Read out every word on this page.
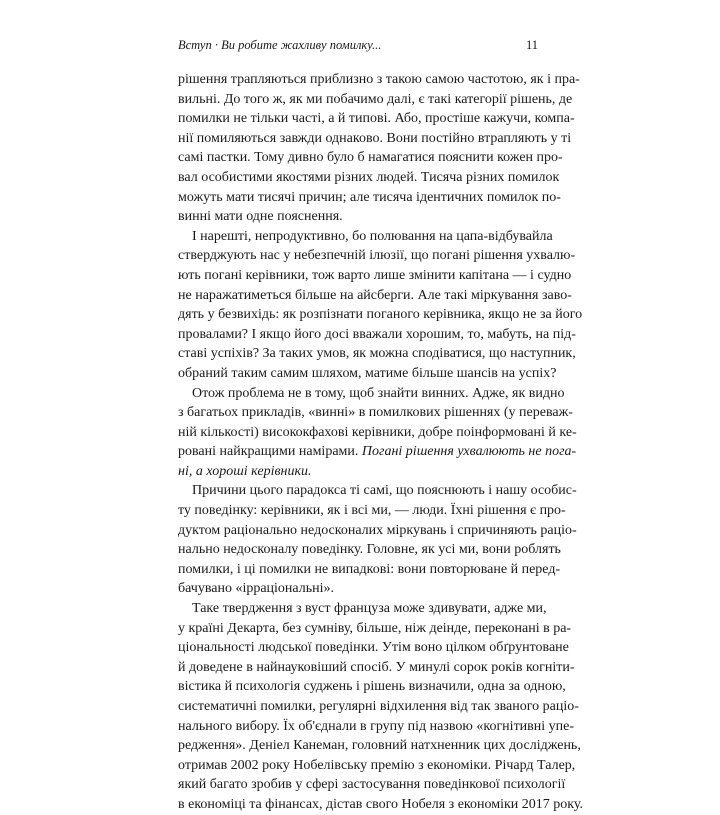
Вступ · Ви робите жахливу помилку...	11
рішення трапляються приблизно з такою самою частотою, як і пра-
вильні. До того ж, як ми побачимо далі, є такі категорії рішень, де
помилки не тільки часті, а й типові. Або, простіше кажучи, компа-
нії помиляються завжди однаково. Вони постійно втрапляють у ті
самі пастки. Тому дивно було б намагатися пояснити кожен про-
вал особистими якостями різних людей. Тисяча різних помилок
можуть мати тисячі причин; але тисяча ідентичних помилок по-
винні мати одне пояснення.
І нарешті, непродуктивно, бо полювання на цапа-відбувайла
стверджують нас у небезпечній ілюзії, що погані рішення ухвалю-
ють погані керівники, тож варто лише змінити капітана — і судно
не наражатиметься більше на айсберги. Але такі міркування заво-
дять у безвихідь: як розпізнати поганого керівника, якщо не за його
провалами? І якщо його досі вважали хорошим, то, мабуть, на під-
ставі успіхів? За таких умов, як можна сподіватися, що наступник,
обраний таким самим шляхом, матиме більше шансів на успіх?
Отож проблема не в тому, щоб знайти винних. Адже, як видно
з багатьох прикладів, «винні» в помилкових рішеннях (у переваж-
ній кількості) висококфахові керівники, добре поінформовані й ке-
ровані найкращими намірами. Погані рішення ухвалюють не пога-
ні, а хороші керівники.
Причини цього парадокса ті самі, що пояснюють і нашу особис-
ту поведінку: керівники, як і всі ми, — люди. Їхні рішення є про-
дуктом раціонально недосконалих міркувань і спричиняють раціо-
нально недосконалу поведінку. Головне, як усі ми, вони роблять
помилки, і ці помилки не випадкові: вони повторюване й перед-
бачувано «ірраціональні».
Таке твердження з вуст француза може здивувати, адже ми,
у країні Декарта, без сумніву, більше, ніж деінде, переконані в ра-
ціональності людської поведінки. Утім воно цілком обґрунтоване
й доведене в найнауковіший спосіб. У минулі сорок років когніти-
вістика й психологія суджень і рішень визначили, одна за одною,
систематичні помилки, регулярні відхилення від так званого раціо-
нального вибору. Їх об'єднали в групу під назвою «когнітивні упе-
редження». Деніел Канеман, головний натхненник цих досліджень,
отримав 2002 року Нобелівську премію з економіки. Річард Талер,
який багато зробив у сфері застосування поведінкової психології
в економіці та фінансах, дістав свого Нобеля з економіки 2017 року.
